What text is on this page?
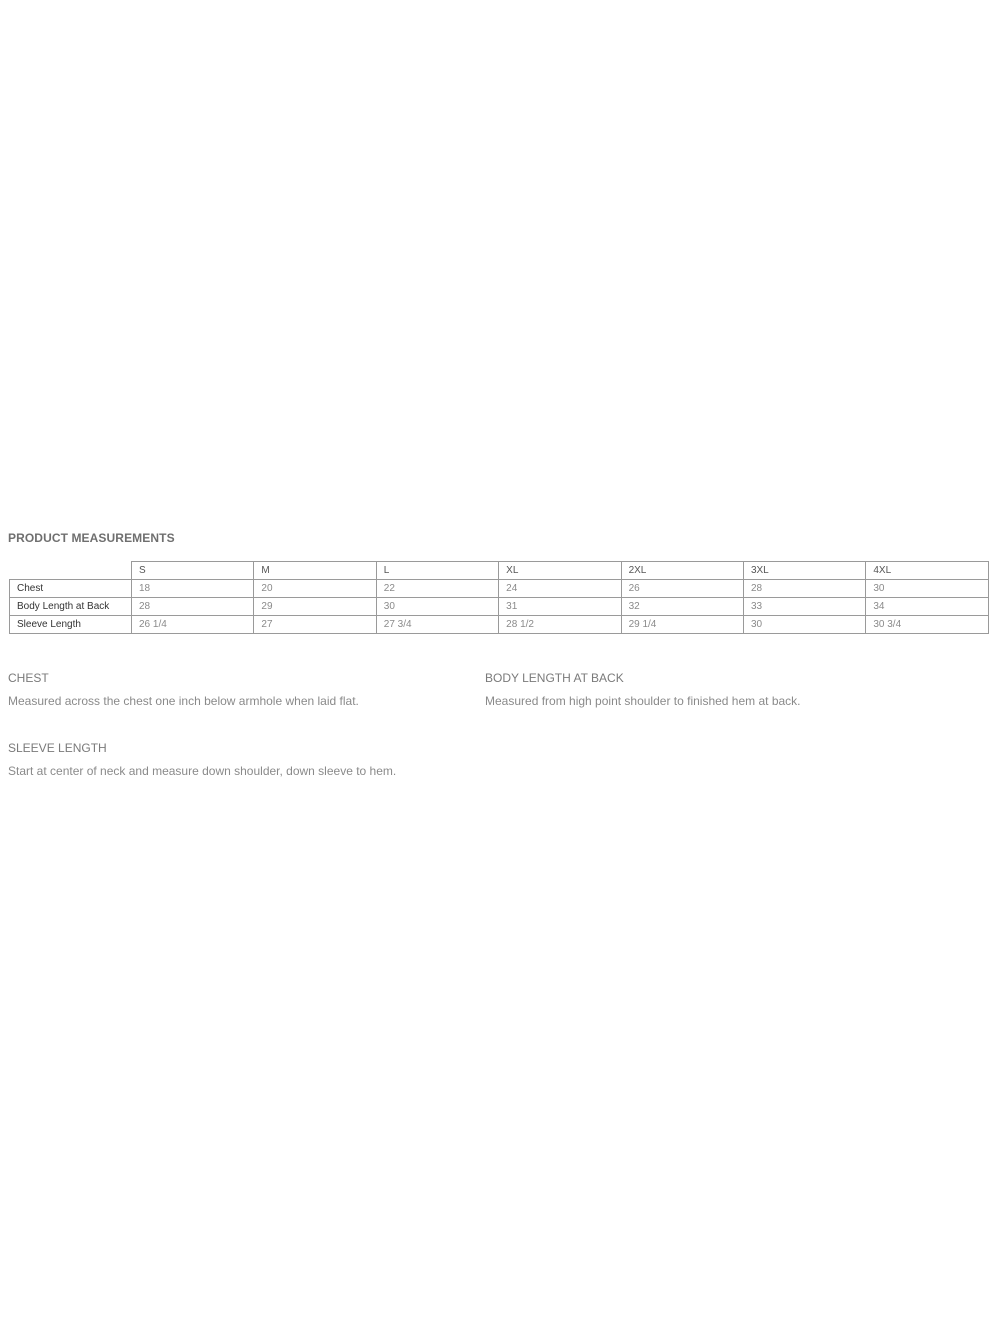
PRODUCT MEASUREMENTS
	S	M	L	XL	2XL	3XL	4XL
Chest	18	20	22	24	26	28	30
Body Length at Back	28	29	30	31	32	33	34
Sleeve Length	26 1/4	27	27 3/4	28 1/2	29 1/4	30	30 3/4

CHEST

Measured across the chest one inch below armhole when laid flat.

BODY LENGTH AT BACK

Measured from high point shoulder to finished hem at back.

SLEEVE LENGTH

Start at center of neck and measure down shoulder, down sleeve to hem.
